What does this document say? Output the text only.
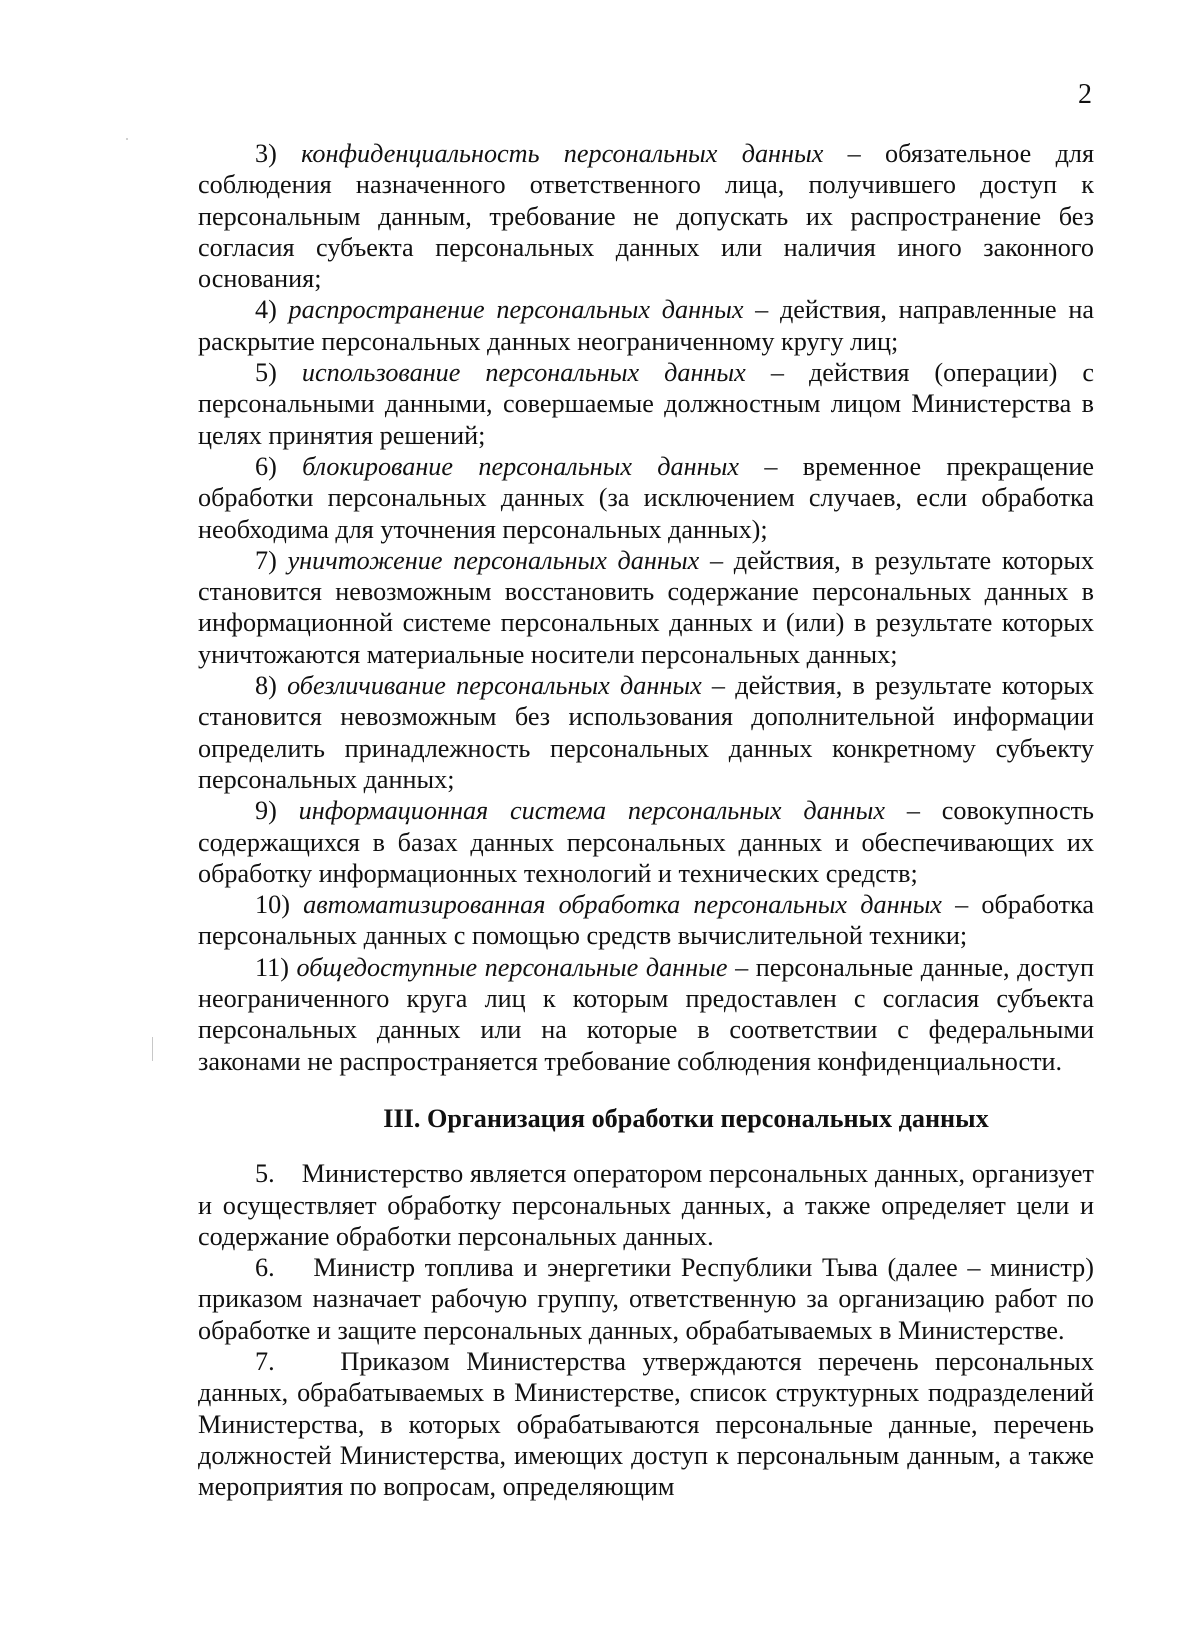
2

3) конфиденциальность персональных данных – обязательное для соблюдения назначенного ответственного лица, получившего доступ к персональным данным, требование не допускать их распространение без согласия субъекта персональных данных или наличия иного законного основания;

4) распространение персональных данных – действия, направленные на раскрытие персональных данных неограниченному кругу лиц;

5) использование персональных данных – действия (операции) с персональными данными, совершаемые должностным лицом Министерства в целях принятия решений;

6) блокирование персональных данных – временное прекращение обработки персональных данных (за исключением случаев, если обработка необходима для уточнения персональных данных);

7) уничтожение персональных данных – действия, в результате которых становится невозможным восстановить содержание персональных данных в информационной системе персональных данных и (или) в результате которых уничтожаются материальные носители персональных данных;

8) обезличивание персональных данных – действия, в результате которых становится невозможным без использования дополнительной информации определить принадлежность персональных данных конкретному субъекту персональных данных;

9) информационная система персональных данных – совокупность содержащихся в базах данных персональных данных и обеспечивающих их обработку информационных технологий и технических средств;

10) автоматизированная обработка персональных данных – обработка персональных данных с помощью средств вычислительной техники;

11) общедоступные персональные данные – персональные данные, доступ неограниченного круга лиц к которым предоставлен с согласия субъекта персональных данных или на которые в соответствии с федеральными законами не распространяется требование соблюдения конфиденциальности.

III. Организация обработки персональных данных

5. Министерство является оператором персональных данных, организует и осуществляет обработку персональных данных, а также определяет цели и содержание обработки персональных данных.

6. Министр топлива и энергетики Республики Тыва (далее – министр) приказом назначает рабочую группу, ответственную за организацию работ по обработке и защите персональных данных, обрабатываемых в Министерстве.

7.	Приказом Министерства утверждаются перечень персональных данных, обрабатываемых в Министерстве, список структурных подразделений Министерства, в которых обрабатываются персональные данные, перечень должностей Министерства, имеющих доступ к персональным данным, а также мероприятия по вопросам, определяющим
